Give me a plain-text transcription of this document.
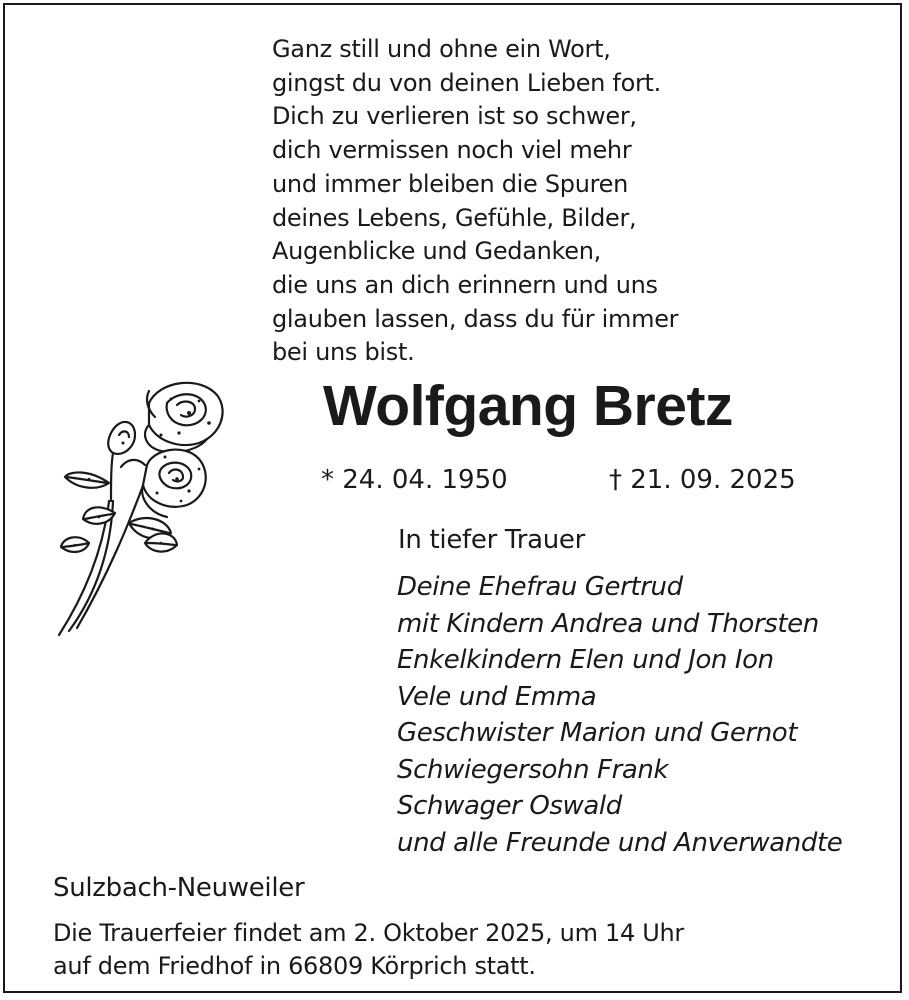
Ganz still und ohne ein Wort,
gingst du von deinen Lieben fort.
Dich zu verlieren ist so schwer,
dich vermissen noch viel mehr
und immer bleiben die Spuren
deines Lebens, Gefühle, Bilder,
Augenblicke und Gedanken,
die uns an dich erinnern und uns
glauben lassen, dass du für immer
bei uns bist.
Wolfgang Bretz
* 24. 04. 1950	† 21. 09. 2025
In tiefer Trauer
Deine Ehefrau Gertrud
mit Kindern Andrea und Thorsten
Enkelkindern Elen und Jon Ion
Vele und Emma
Geschwister Marion und Gernot
Schwiegersohn Frank
Schwager Oswald
und alle Freunde und Anverwandte
Sulzbach-Neuweiler
Die Trauerfeier findet am 2. Oktober 2025, um 14 Uhr
auf dem Friedhof in 66809 Körprich statt.
